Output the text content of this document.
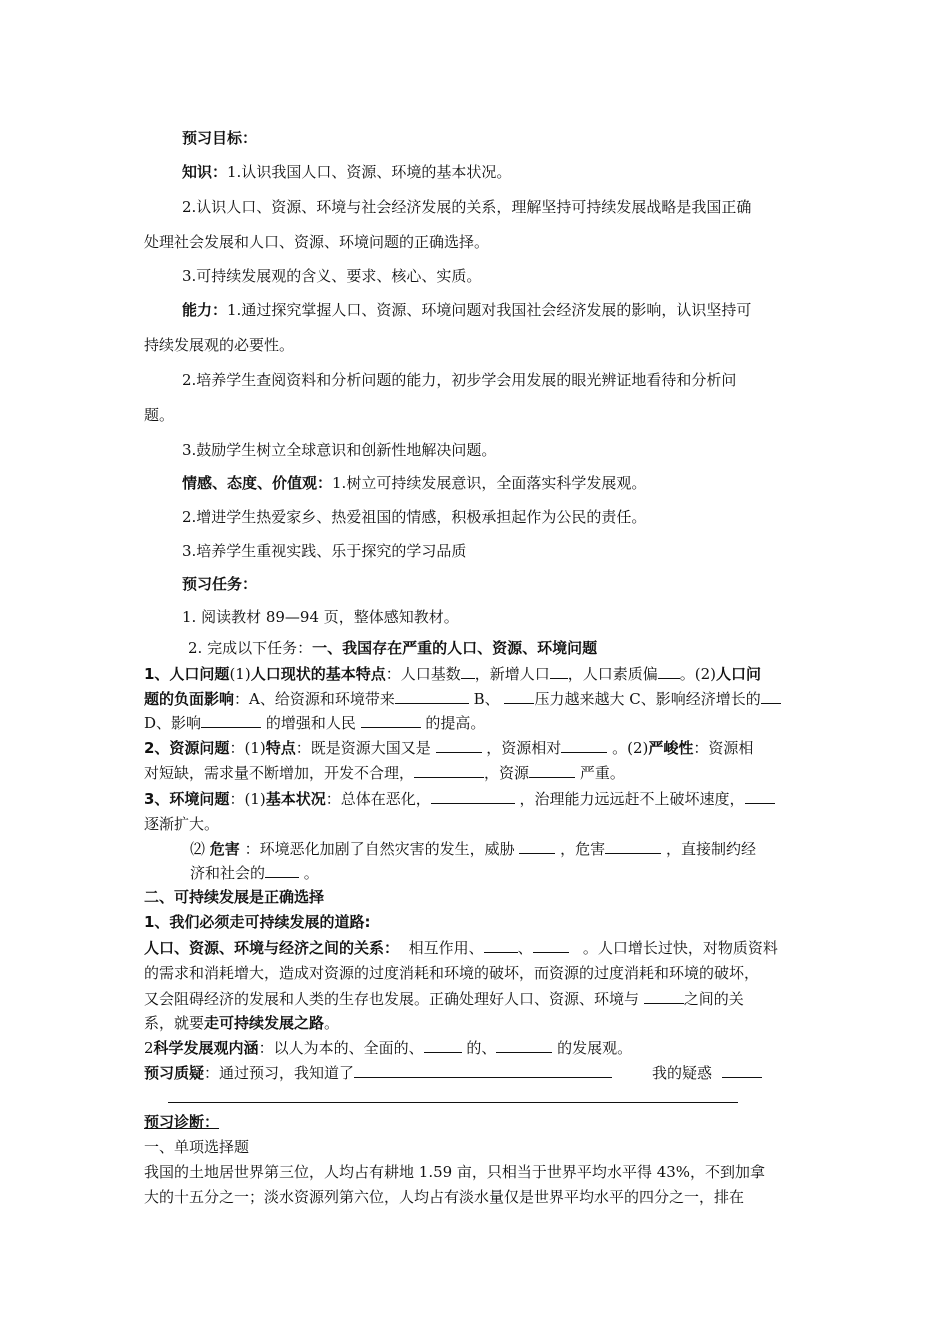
预习目标：
知识：1.认识我国人口、资源、环境的基本状况。
2.认识人口、资源、环境与社会经济发展的关系，理解坚持可持续发展战略是我国正确
处理社会发展和人口、资源、环境问题的正确选择。
3.可持续发展观的含义、要求、核心、实质。
能力：1.通过探究掌握人口、资源、环境问题对我国社会经济发展的影响，认识坚持可
持续发展观的必要性。
2.培养学生查阅资料和分析问题的能力，初步学会用发展的眼光辨证地看待和分析问
题。
3.鼓励学生树立全球意识和创新性地解决问题。
情感、态度、价值观：1.树立可持续发展意识，全面落实科学发展观。
2.增进学生热爱家乡、热爱祖国的情感，积极承担起作为公民的责任。
3.培养学生重视实践、乐于探究的学习品质
预习任务：
1. 阅读教材 89—94 页，整体感知教材。
2. 完成以下任务：一、我国存在严重的人口、资源、环境问题
1、人口问题(1)人口现状的基本特点：人口基数 ，新增人口 ，人口素质偏 。(2)人口问
题的负面影响：A、给资源和环境带来	B、 压力越来越大 C、影响经济增长的
D、影响	的增强和人民	的提高。
2、资源问题：(1)特点：既是资源大国又是	，资源相对	。(2)严峻性：资源相
对短缺，需求量不断增加，开发不合理，	，资源	严重。
3、环境问题：(1)基本状况：总体在恶化，	，治理能力远远赶不上破坏速度，
逐渐扩大。
⑵ 危害 ：环境恶化加剧了自然灾害的发生，威胁	，危害	，直接制约经
济和社会的	。
二、可持续发展是正确选择
1、我们必须走可持续发展的道路:
人口、资源、环境与经济之间的关系： 相互作用、 、	。人口增长过快，对物质资料
的需求和消耗增大，造成对资源的过度消耗和环境的破坏，而资源的过度消耗和环境的破坏，
又会阻碍经济的发展和人类的生存也发展。正确处理好人口、资源、环境与	之间的关
系，就要走可持续发展之路。
2科学发展观内涵：以人为本的、全面的、	的、	的发展观。
预习质疑：通过预习，我知道了	我的疑惑
预习诊断：
一、单项选择题
我国的土地居世界第三位，人均占有耕地 1.59 亩，只相当于世界平均水平得 43%，不到加拿
大的十五分之一；淡水资源列第六位，人均占有淡水量仅是世界平均水平的四分之一，排在
